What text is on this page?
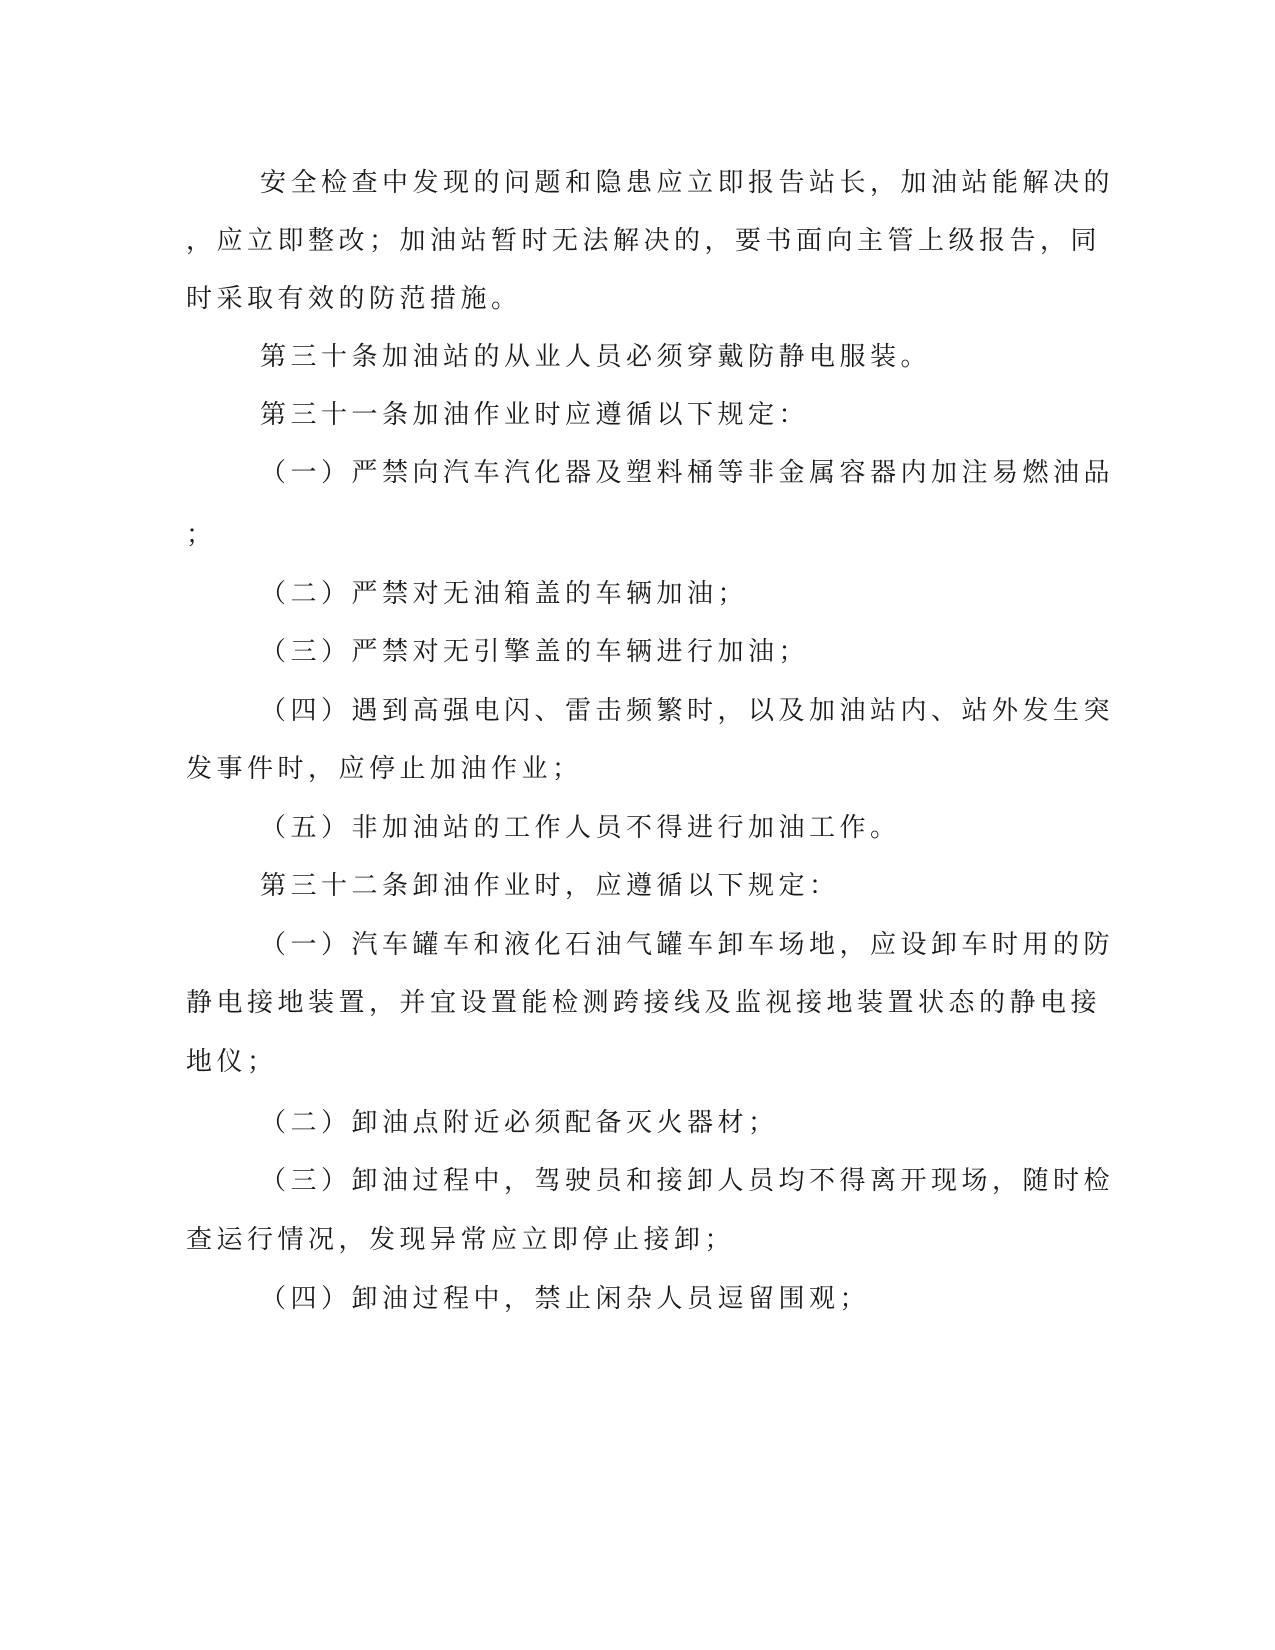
安全检查中发现的问题和隐患应立即报告站长，加油站能解决的
，应立即整改；加油站暂时无法解决的，要书面向主管上级报告，同
时采取有效的防范措施。
第三十条加油站的从业人员必须穿戴防静电服装。
第三十一条加油作业时应遵循以下规定：
（一）严禁向汽车汽化器及塑料桶等非金属容器内加注易燃油品
；
（二）严禁对无油箱盖的车辆加油；
（三）严禁对无引擎盖的车辆进行加油；
（四）遇到高强电闪、雷击频繁时，以及加油站内、站外发生突
发事件时，应停止加油作业；
（五）非加油站的工作人员不得进行加油工作。
第三十二条卸油作业时，应遵循以下规定：
（一）汽车罐车和液化石油气罐车卸车场地，应设卸车时用的防
静电接地装置，并宜设置能检测跨接线及监视接地装置状态的静电接
地仪；
（二）卸油点附近必须配备灭火器材；
（三）卸油过程中，驾驶员和接卸人员均不得离开现场，随时检
查运行情况，发现异常应立即停止接卸；
（四）卸油过程中，禁止闲杂人员逗留围观；
